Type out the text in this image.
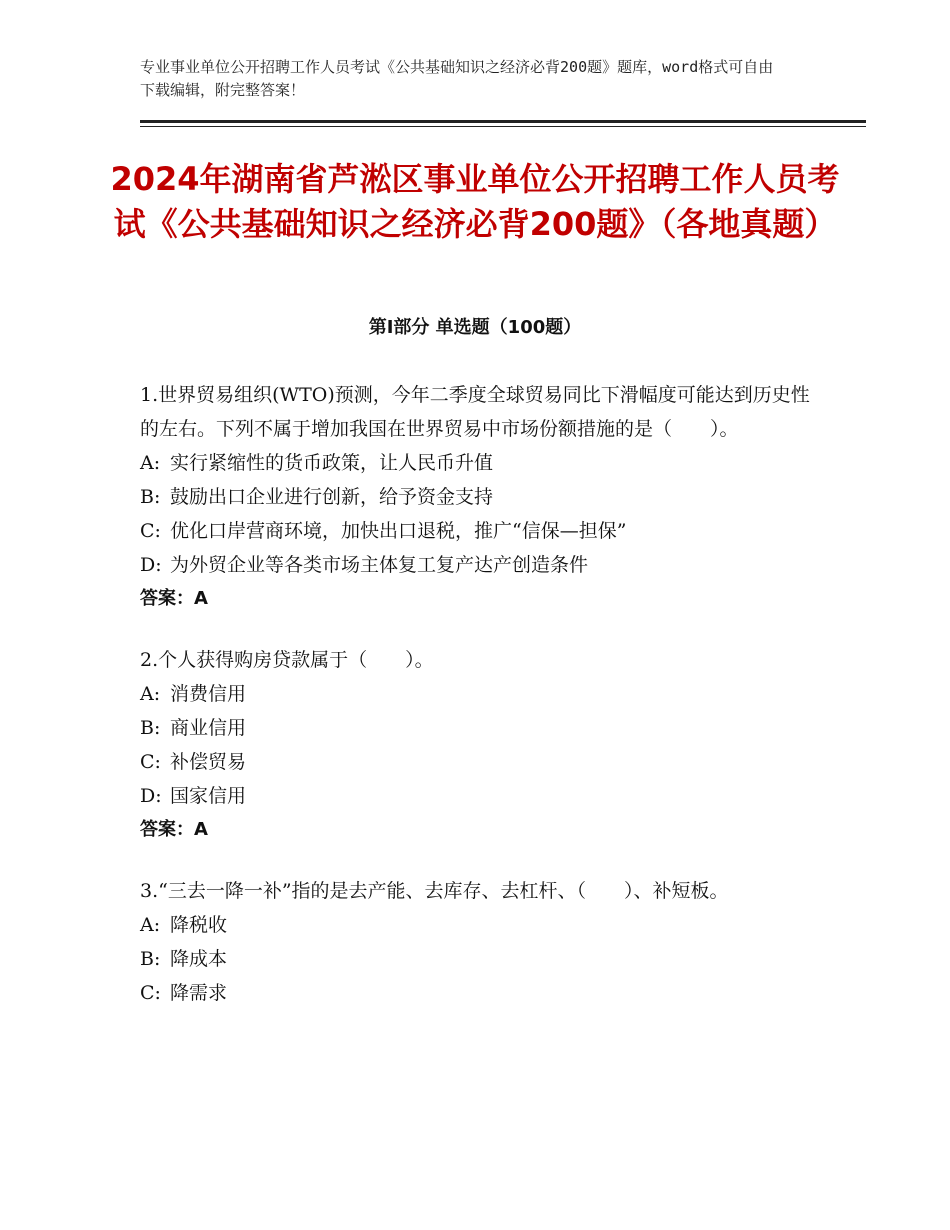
专业事业单位公开招聘工作人员考试《公共基础知识之经济必背200题》题库，word格式可自由下载编辑，附完整答案！
2024年湖南省芦淞区事业单位公开招聘工作人员考试《公共基础知识之经济必背200题》（各地真题）
第Ⅰ部分 单选题（100题）

1.世界贸易组织(WTO)预测，今年二季度全球贸易同比下滑幅度可能达到历史性的左右。下列不属于增加我国在世界贸易中市场份额措施的是（　　）。

A: 实行紧缩性的货币政策，让人民币升值

B: 鼓励出口企业进行创新，给予资金支持

C: 优化口岸营商环境，加快出口退税，推广“信保—担保”

D: 为外贸企业等各类市场主体复工复产达产创造条件

答案：A

2.个人获得购房贷款属于（　　）。

A: 消费信用

B: 商业信用

C: 补偿贸易

D: 国家信用

答案：A

3.“三去一降一补”指的是去产能、去库存、去杠杆、（　　）、补短板。

A: 降税收

B: 降成本

C: 降需求
